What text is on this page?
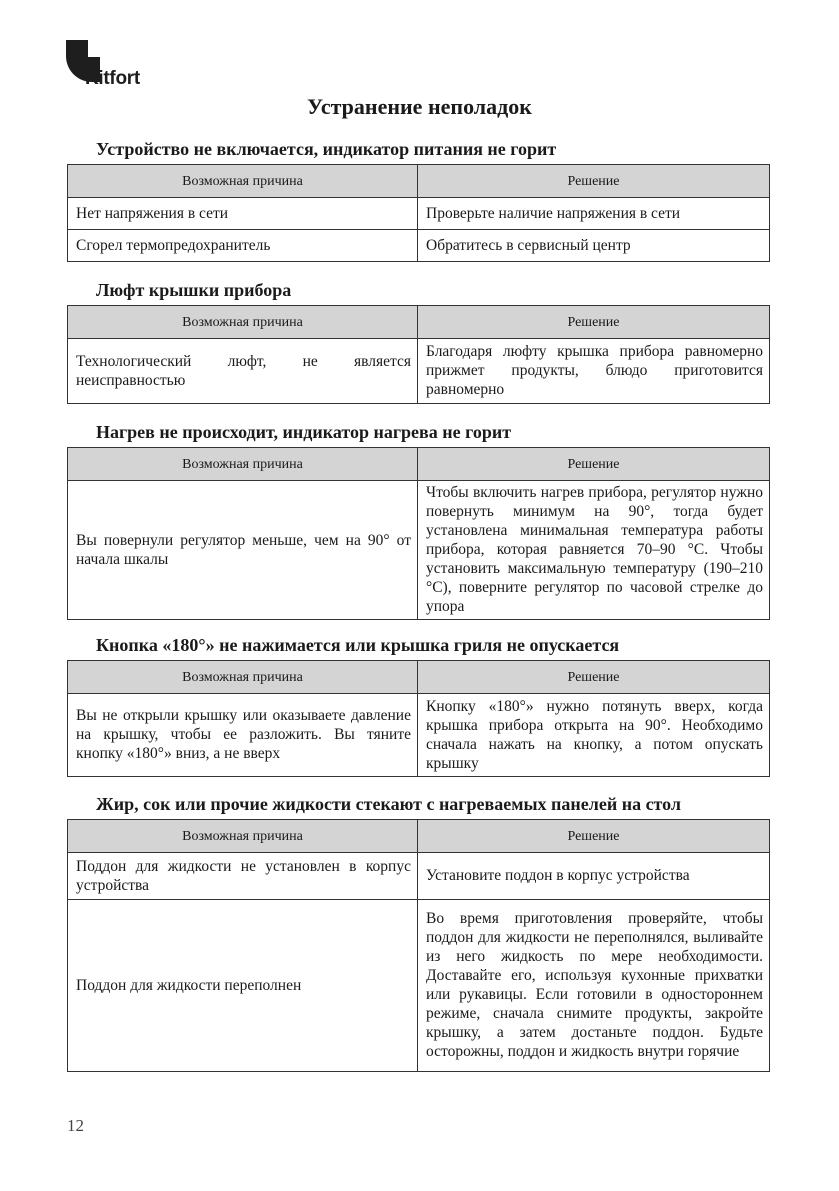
Kitfort
Устранение неполадок
Устройство не включается, индикатор питания не горит
Возможная причина	Решение
Нет напряжения в сети	Проверьте наличие напряжения в сети
Сгорел термопредохранитель	Обратитесь в сервисный центр
Люфт крышки прибора
Возможная причина	Решение
Технологический люфт, не является неисправностью	Благодаря люфту крышка прибора равномерно прижмет продукты, блюдо приготовится равномерно
Нагрев не происходит, индикатор нагрева не горит
Возможная причина	Решение
Вы повернули регулятор меньше, чем на 90° от начала шкалы	Чтобы включить нагрев прибора, регулятор нужно повернуть минимум на 90°, тогда будет установлена минимальная температура работы прибора, которая равняется 70–90 °С. Чтобы установить максимальную температуру (190–210 °С), поверните регулятор по часовой стрелке до упора
Кнопка «180°» не нажимается или крышка гриля не опускается
Возможная причина	Решение
Вы не открыли крышку или оказываете давление на крышку, чтобы ее разложить. Вы тяните кнопку «180°» вниз, а не вверх	Кнопку «180°» нужно потянуть вверх, когда крышка прибора открыта на 90°. Необходимо сначала нажать на кнопку, а потом опускать крышку
Жир, сок или прочие жидкости стекают с нагреваемых панелей на стол
Возможная причина	Решение
Поддон для жидкости не установлен в корпус устройства	Установите поддон в корпус устройства
Поддон для жидкости переполнен	Во время приготовления проверяйте, чтобы поддон для жидкости не переполнялся, выливайте из него жидкость по мере необходимости. Доставайте его, используя кухонные прихватки или рукавицы. Если готовили в одностороннем режиме, сначала снимите продукты, закройте крышку, а затем достаньте поддон. Будьте осторожны, поддон и жидкость внутри горячие
12
